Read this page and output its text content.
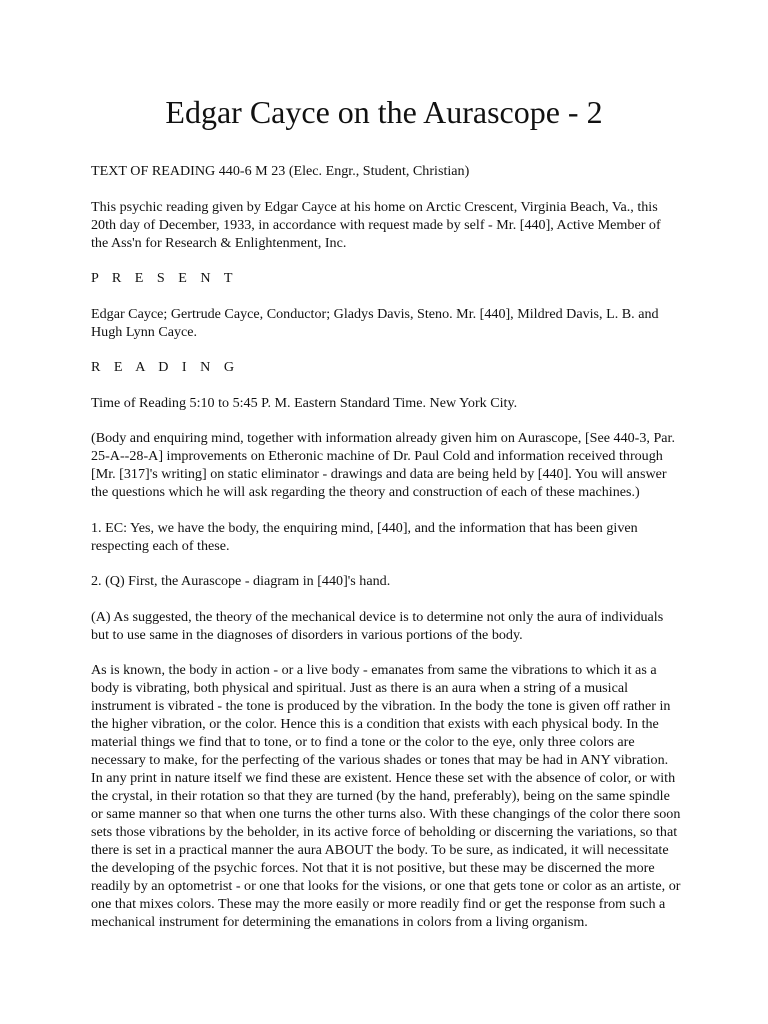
Edgar Cayce on the Aurascope - 2

TEXT OF READING 440-6 M 23 (Elec. Engr., Student, Christian)

This psychic reading given by Edgar Cayce at his home on Arctic Crescent, Virginia Beach, Va., this 20th day of December, 1933, in accordance with request made by self - Mr. [440], Active Member of the Ass'n for Research & Enlightenment, Inc.

P R E S E N T

Edgar Cayce; Gertrude Cayce, Conductor; Gladys Davis, Steno. Mr. [440], Mildred Davis, L. B. and Hugh Lynn Cayce.

R E A D I N G

Time of Reading 5:10 to 5:45 P. M. Eastern Standard Time. New York City.

(Body and enquiring mind, together with information already given him on Aurascope, [See 440-3, Par. 25-A--28-A] improvements on Etheronic machine of Dr. Paul Cold and information received through [Mr. [317]'s writing] on static eliminator - drawings and data are being held by [440]. You will answer the questions which he will ask regarding the theory and construction of each of these machines.)

1. EC: Yes, we have the body, the enquiring mind, [440], and the information that has been given respecting each of these.

2. (Q) First, the Aurascope - diagram in [440]'s hand.

(A) As suggested, the theory of the mechanical device is to determine not only the aura of individuals but to use same in the diagnoses of disorders in various portions of the body.

As is known, the body in action - or a live body - emanates from same the vibrations to which it as a body is vibrating, both physical and spiritual. Just as there is an aura when a string of a musical instrument is vibrated - the tone is produced by the vibration. In the body the tone is given off rather in the higher vibration, or the color. Hence this is a condition that exists with each physical body. In the material things we find that to tone, or to find a tone or the color to the eye, only three colors are necessary to make, for the perfecting of the various shades or tones that may be had in ANY vibration. In any print in nature itself we find these are existent. Hence these set with the absence of color, or with the crystal, in their rotation so that they are turned (by the hand, preferably), being on the same spindle or same manner so that when one turns the other turns also. With these changings of the color there soon sets those vibrations by the beholder, in its active force of beholding or discerning the variations, so that there is set in a practical manner the aura ABOUT the body. To be sure, as indicated, it will necessitate the developing of the psychic forces. Not that it is not positive, but these may be discerned the more readily by an optometrist - or one that looks for the visions, or one that gets tone or color as an artiste, or one that mixes colors. These may the more easily or more readily find or get the response from such a mechanical instrument for determining the emanations in colors from a living organism.
